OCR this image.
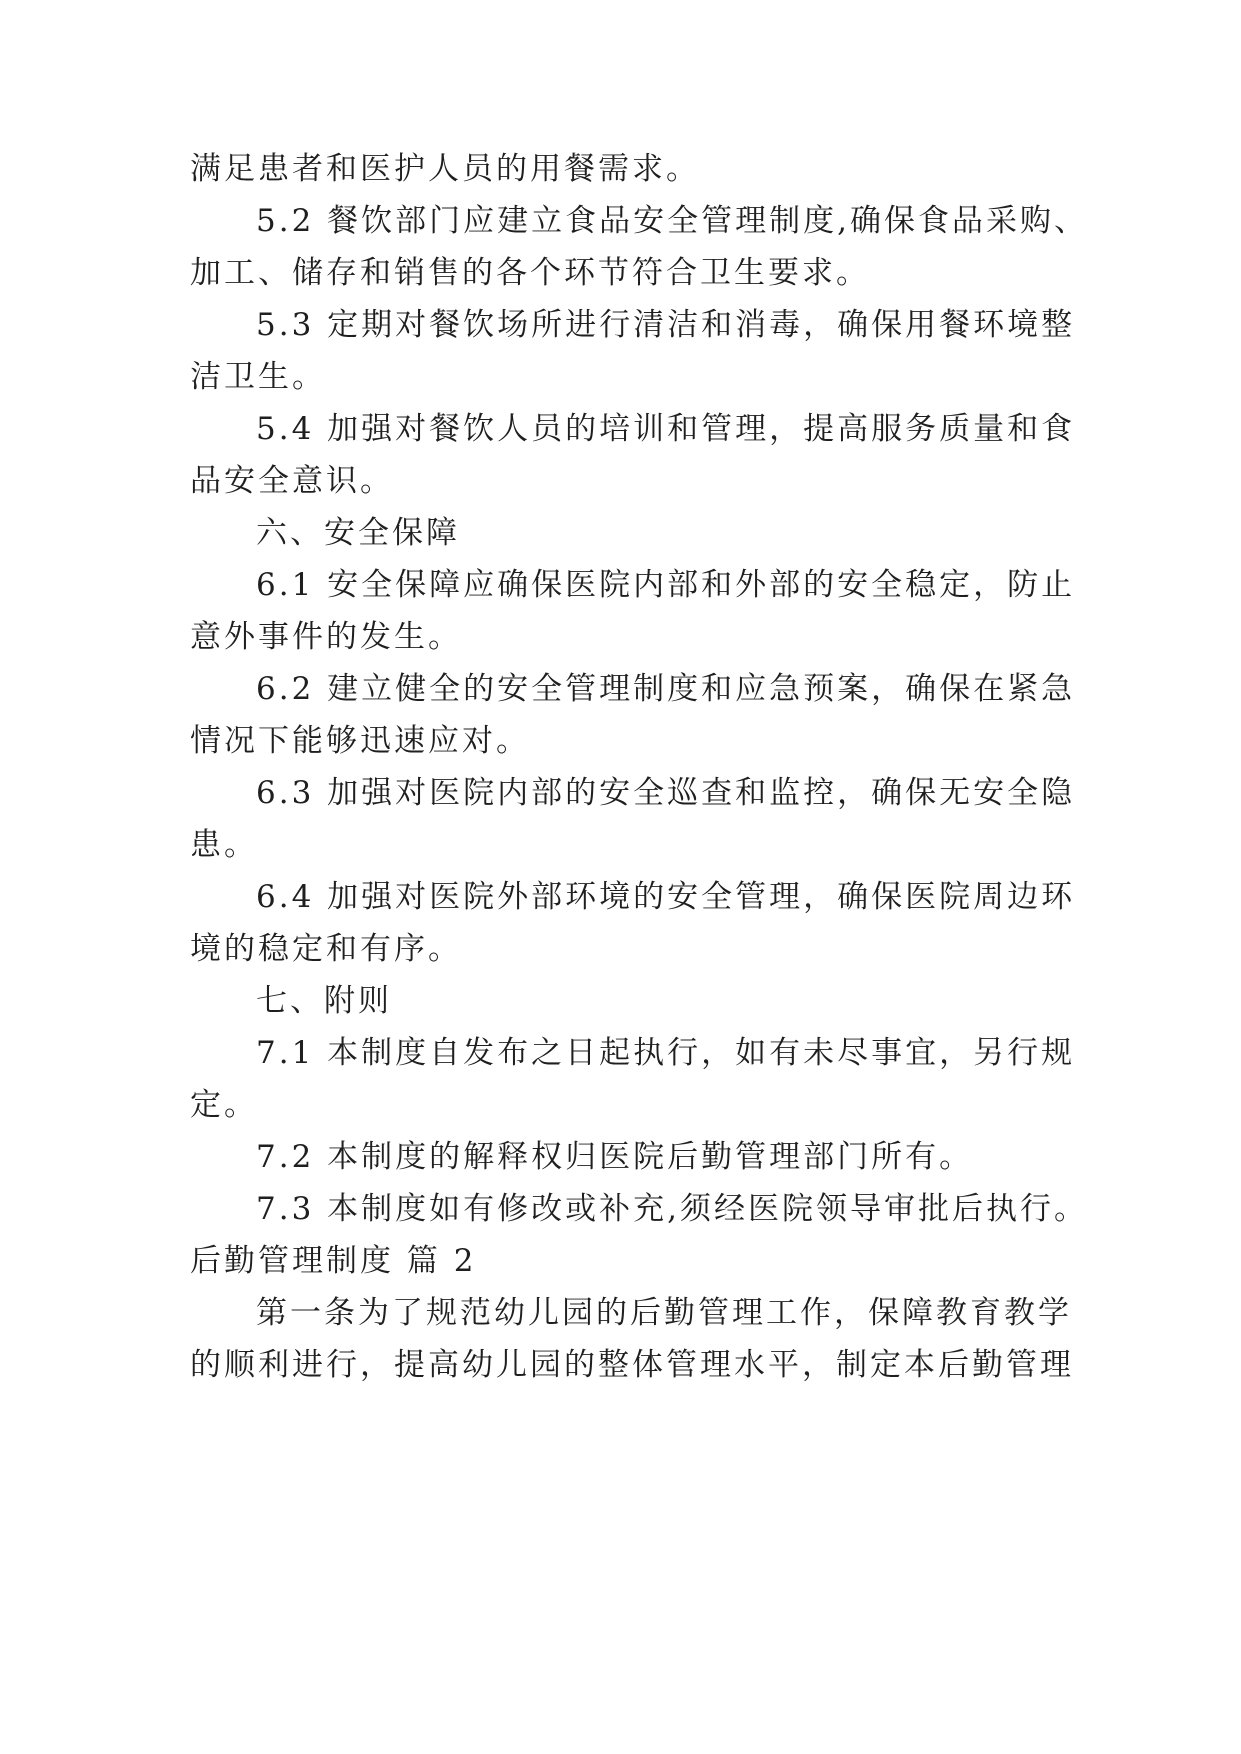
满足患者和医护人员的用餐需求。
5.2 餐饮部门应建立食品安全管理制度,确保食品采购、
加工、储存和销售的各个环节符合卫生要求。
5.3 定期对餐饮场所进行清洁和消毒，确保用餐环境整
洁卫生。
5.4 加强对餐饮人员的培训和管理，提高服务质量和食
品安全意识。
六、安全保障
6.1 安全保障应确保医院内部和外部的安全稳定，防止
意外事件的发生。
6.2 建立健全的安全管理制度和应急预案，确保在紧急
情况下能够迅速应对。
6.3 加强对医院内部的安全巡查和监控，确保无安全隐
患。
6.4 加强对医院外部环境的安全管理，确保医院周边环
境的稳定和有序。
七、附则
7.1 本制度自发布之日起执行，如有未尽事宜，另行规
定。
7.2 本制度的解释权归医院后勤管理部门所有。
7.3 本制度如有修改或补充,须经医院领导审批后执行。
后勤管理制度 篇 2
第一条为了规范幼儿园的后勤管理工作，保障教育教学
的顺利进行，提高幼儿园的整体管理水平，制定本后勤管理
